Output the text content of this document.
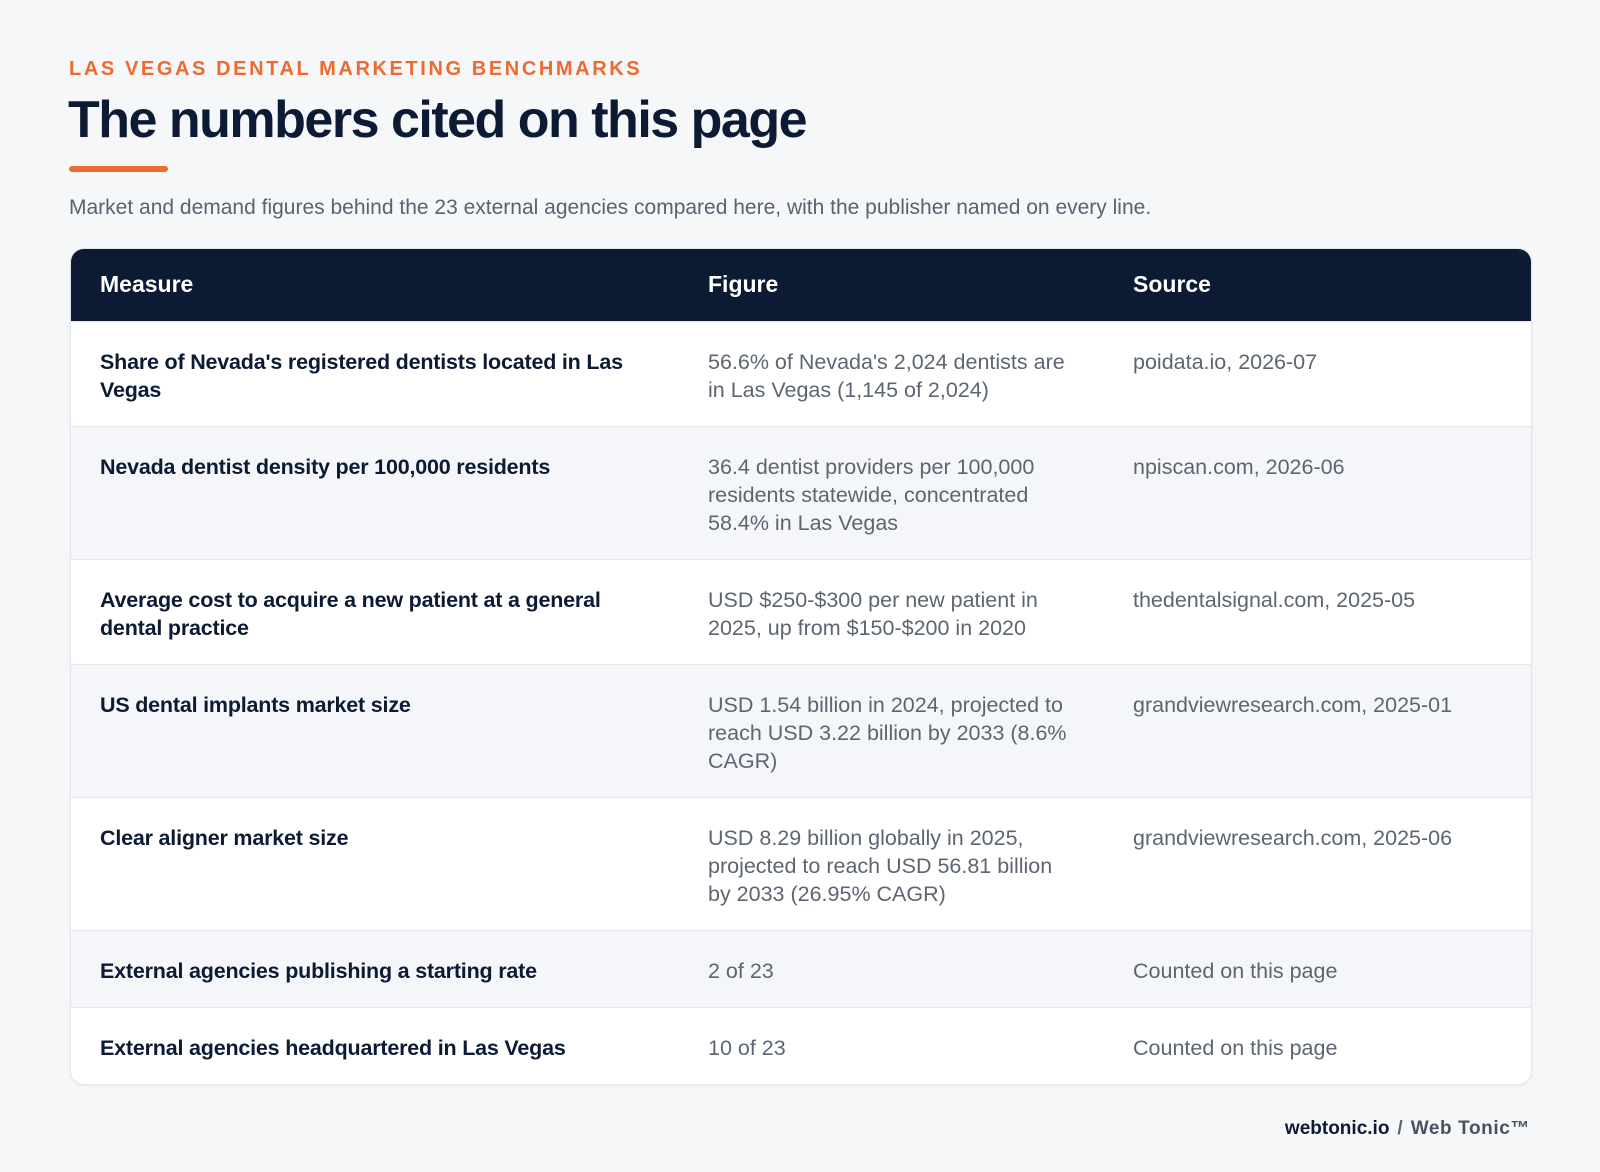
LAS VEGAS DENTAL MARKETING BENCHMARKS
The numbers cited on this page
Market and demand figures behind the 23 external agencies compared here, with the publisher named on every line.
Measure	Figure	Source
Share of Nevada's registered dentists located in Las Vegas	56.6% of Nevada's 2,024 dentists are in Las Vegas (1,145 of 2,024)	poidata.io, 2026-07
Nevada dentist density per 100,000 residents	36.4 dentist providers per 100,000 residents statewide, concentrated 58.4% in Las Vegas	npiscan.com, 2026-06
Average cost to acquire a new patient at a general dental practice	USD $250-$300 per new patient in 2025, up from $150-$200 in 2020	thedentalsignal.com, 2025-05
US dental implants market size	USD 1.54 billion in 2024, projected to reach USD 3.22 billion by 2033 (8.6% CAGR)	grandviewresearch.com, 2025-01
Clear aligner market size	USD 8.29 billion globally in 2025, projected to reach USD 56.81 billion by 2033 (26.95% CAGR)	grandviewresearch.com, 2025-06
External agencies publishing a starting rate	2 of 23	Counted on this page
External agencies headquartered in Las Vegas	10 of 23	Counted on this page
webtonic.io / Web Tonic™
